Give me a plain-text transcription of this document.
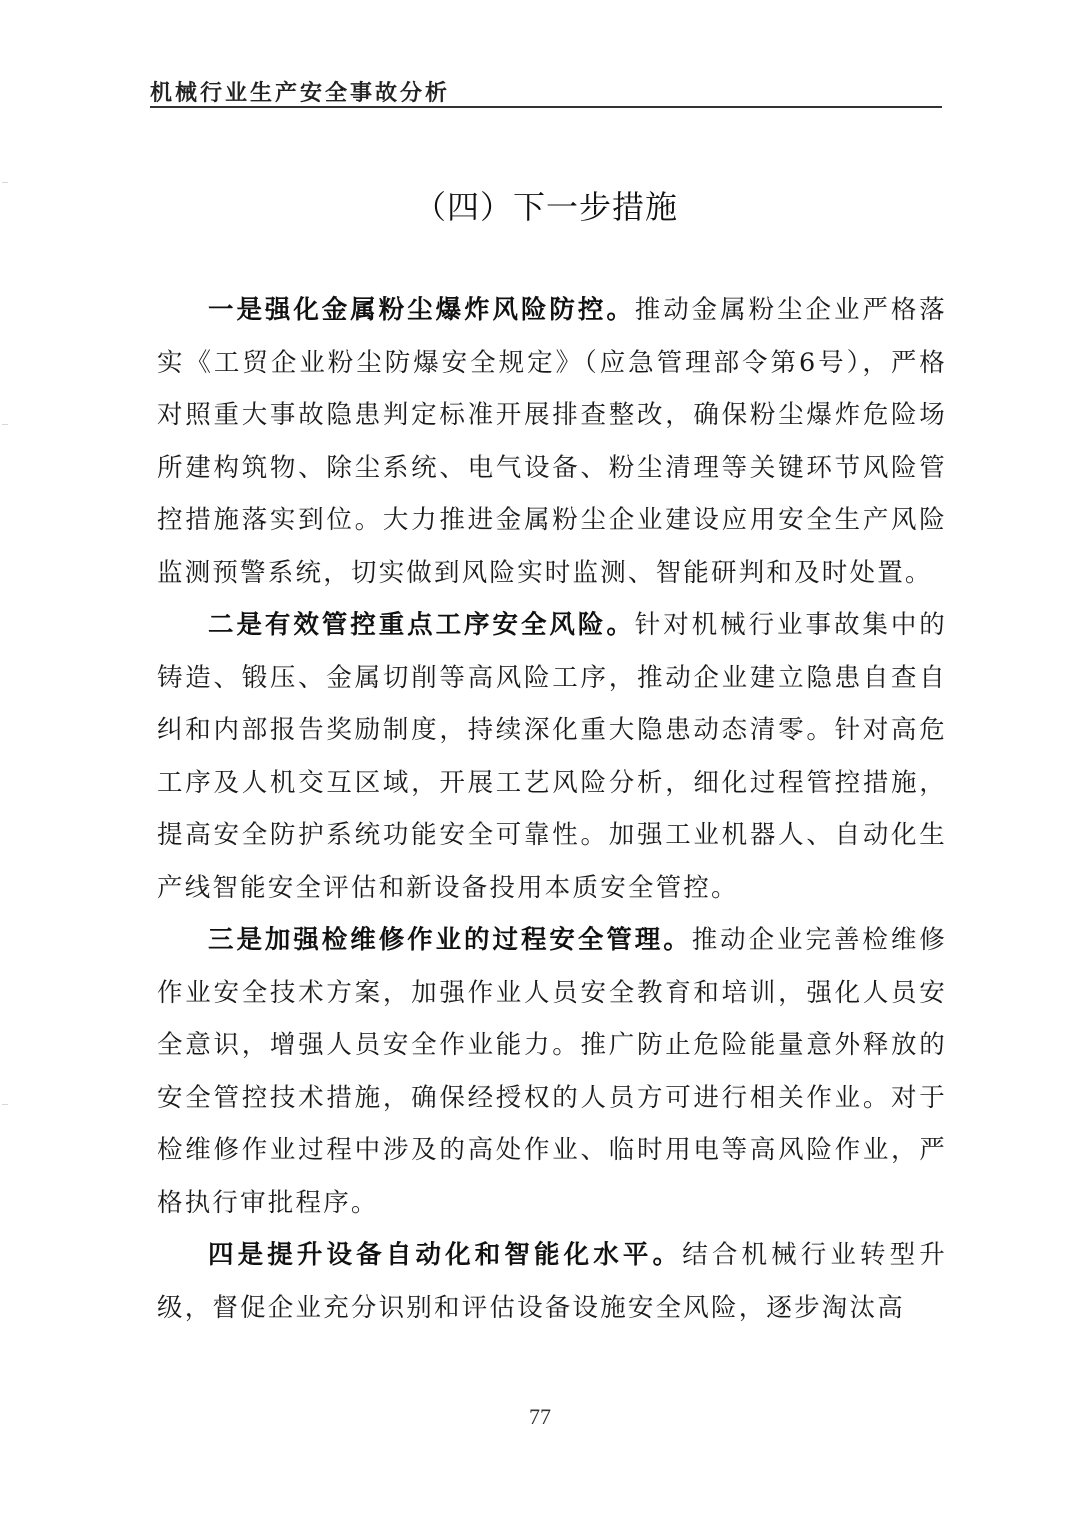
机械行业生产安全事故分析
（四）下一步措施

一是强化金属粉尘爆炸风险防控。推动金属粉尘企业严格落实《工贸企业粉尘防爆安全规定》（应急管理部令第6号），严格对照重大事故隐患判定标准开展排查整改，确保粉尘爆炸危险场所建构筑物、除尘系统、电气设备、粉尘清理等关键环节风险管控措施落实到位。大力推进金属粉尘企业建设应用安全生产风险监测预警系统，切实做到风险实时监测、智能研判和及时处置。

二是有效管控重点工序安全风险。针对机械行业事故集中的铸造、锻压、金属切削等高风险工序，推动企业建立隐患自查自纠和内部报告奖励制度，持续深化重大隐患动态清零。针对高危工序及人机交互区域，开展工艺风险分析，细化过程管控措施，提高安全防护系统功能安全可靠性。加强工业机器人、自动化生产线智能安全评估和新设备投用本质安全管控。

三是加强检维修作业的过程安全管理。推动企业完善检维修作业安全技术方案，加强作业人员安全教育和培训，强化人员安全意识，增强人员安全作业能力。推广防止危险能量意外释放的安全管控技术措施，确保经授权的人员方可进行相关作业。对于检维修作业过程中涉及的高处作业、临时用电等高风险作业，严格执行审批程序。

四是提升设备自动化和智能化水平。结合机械行业转型升级，督促企业充分识别和评估设备设施安全风险，逐步淘汰高

77
